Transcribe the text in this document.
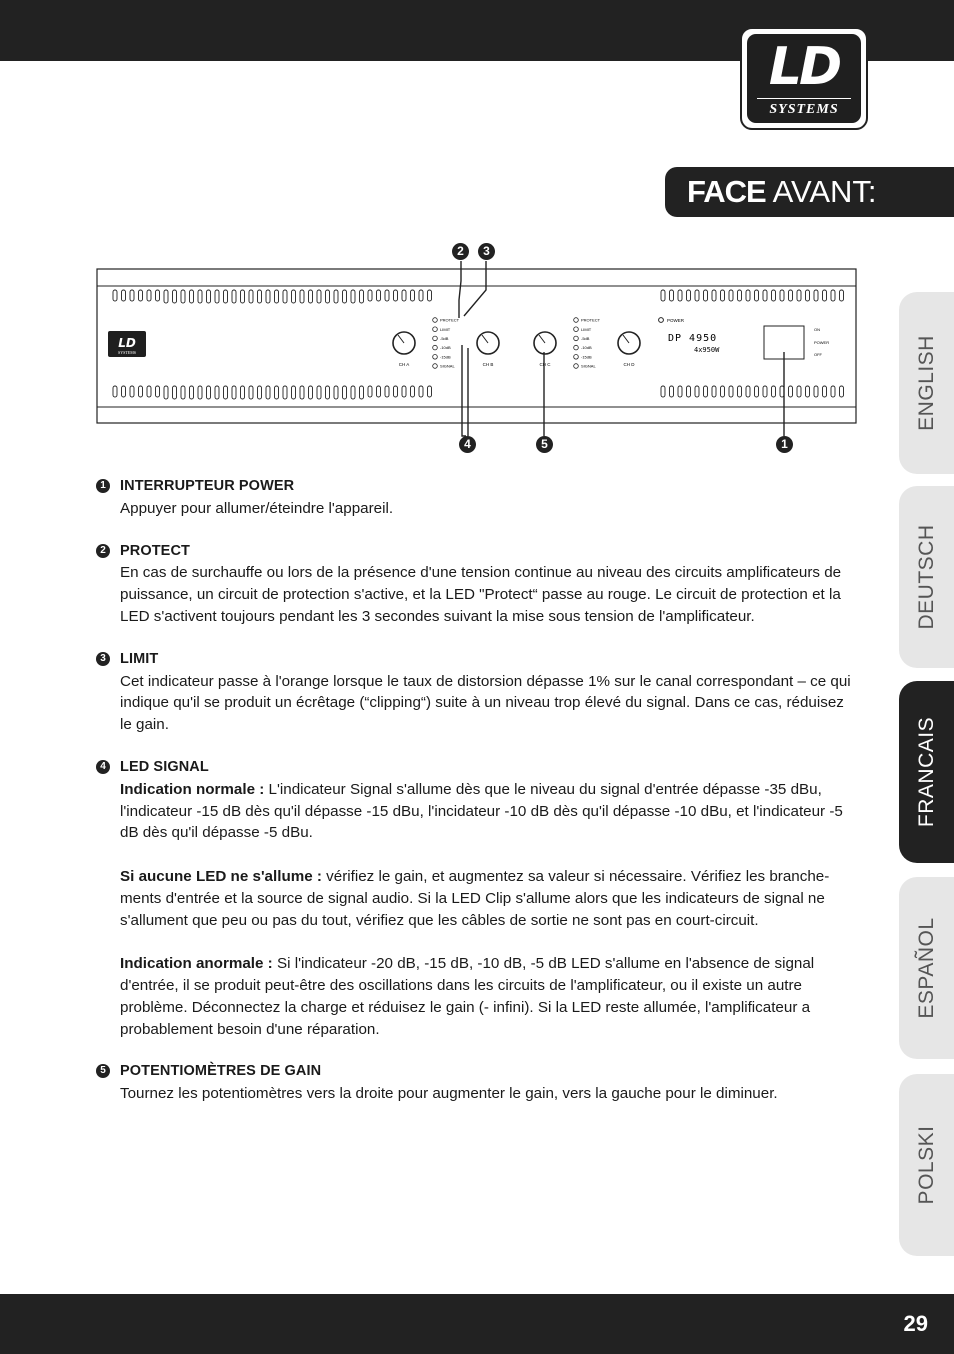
LD
SYSTEMS
FACE AVANT:
ENGLISH
DEUTSCH
FRANCAIS
ESPAÑOL
POLSKI
LD
SYSTEMS
CH A	CH B	CH C	CH D
PROTECT
LIMIT
-5dB
-10dB
-15dB
SIGNAL
PROTECT
LIMIT
-5dB
-10dB
-15dB
SIGNAL
POWER
DP 4950
4x950W
ON
POWER
OFF
2	3
4	5	1
1 INTERRUPTEUR POWER

Appuyer pour allumer/éteindre l'appareil.

2 PROTECT

En cas de surchauffe ou lors de la présence d'une tension continue au niveau des circuits amplificateurs de puissance, un circuit de protection s'active, et la LED "Protect“ passe au rouge. Le circuit de protection et la LED s'activent toujours pendant les 3 secondes suivant la mise sous tension de l'amplificateur.

3 LIMIT

Cet indicateur passe à l'orange lorsque le taux de distorsion dépasse 1% sur le canal correspondant – ce qui indique qu'il se produit un écrêtage (“clipping“) suite à un niveau trop élevé du signal. Dans ce cas, réduisez le gain.

4 LED SIGNAL

Indication normale : L'indicateur Signal s'allume dès que le niveau du signal d'entrée dépasse -35 dBu, l'indicateur -15 dB dès qu'il dépasse -15 dBu, l'incidateur -10 dB dès qu'il dépasse -10 dBu, et l'indicateur -5 dB dès qu'il dépasse -5 dBu.

Si aucune LED ne s'allume : vérifiez le gain, et augmentez sa valeur si nécessaire. Vérifiez les branche-ments d'entrée et la source de signal audio. Si la LED Clip s'allume alors que les indicateurs de signal ne s'allument que peu ou pas du tout, vérifiez que les câbles de sortie ne sont pas en court-circuit.

Indication anormale : Si l'indicateur -20 dB, -15 dB, -10 dB, -5 dB LED s'allume en l'absence de signal d'entrée, il se produit peut-être des oscillations dans les circuits de l'amplificateur, ou il existe un autre problème. Déconnectez la charge et réduisez le gain (- infini). Si la LED reste allumée, l'amplificateur a probablement besoin d'une réparation.

5 POTENTIOMÈTRES DE GAIN

Tournez les potentiomètres vers la droite pour augmenter le gain, vers la gauche pour le diminuer.

29
